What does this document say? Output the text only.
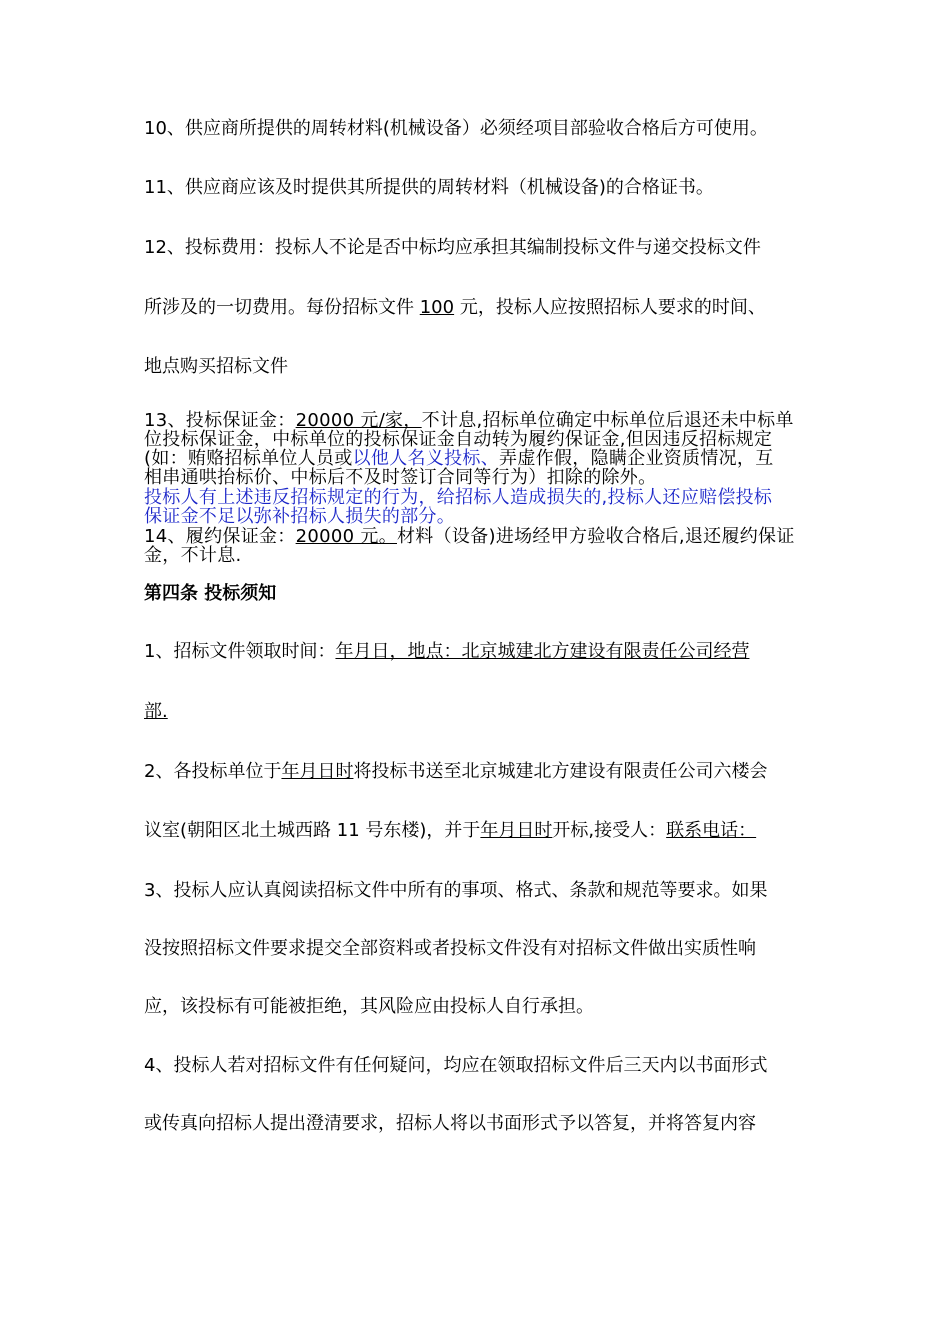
10、供应商所提供的周转材料(机械设备）必须经项目部验收合格后方可使用。
11、供应商应该及时提供其所提供的周转材料（机械设备)的合格证书。
12、投标费用：投标人不论是否中标均应承担其编制投标文件与递交投标文件
所涉及的一切费用。每份招标文件 100 元，投标人应按照招标人要求的时间、
地点购买招标文件
13、投标保证金：20000 元/家，不计息,招标单位确定中标单位后退还未中标单
位投标保证金，中标单位的投标保证金自动转为履约保证金,但因违反招标规定
(如：贿赂招标单位人员或以他人名义投标、弄虚作假，隐瞒企业资质情况，互
相串通哄抬标价、中标后不及时签订合同等行为）扣除的除外。
投标人有上述违反招标规定的行为，给招标人造成损失的,投标人还应赔偿投标
保证金不足以弥补招标人损失的部分。
14、履约保证金：20000 元。材料（设备)进场经甲方验收合格后,退还履约保证
金，不计息.
第四条 投标须知
1、招标文件领取时间：年月日，地点：北京城建北方建设有限责任公司经营
部.
2、各投标单位于年月日时将投标书送至北京城建北方建设有限责任公司六楼会
议室(朝阳区北土城西路 11 号东楼)，并于年月日时开标,接受人：联系电话：
3、投标人应认真阅读招标文件中所有的事项、格式、条款和规范等要求。如果
没按照招标文件要求提交全部资料或者投标文件没有对招标文件做出实质性响
应，该投标有可能被拒绝，其风险应由投标人自行承担。
4、投标人若对招标文件有任何疑问，均应在领取招标文件后三天内以书面形式
或传真向招标人提出澄清要求，招标人将以书面形式予以答复，并将答复内容
